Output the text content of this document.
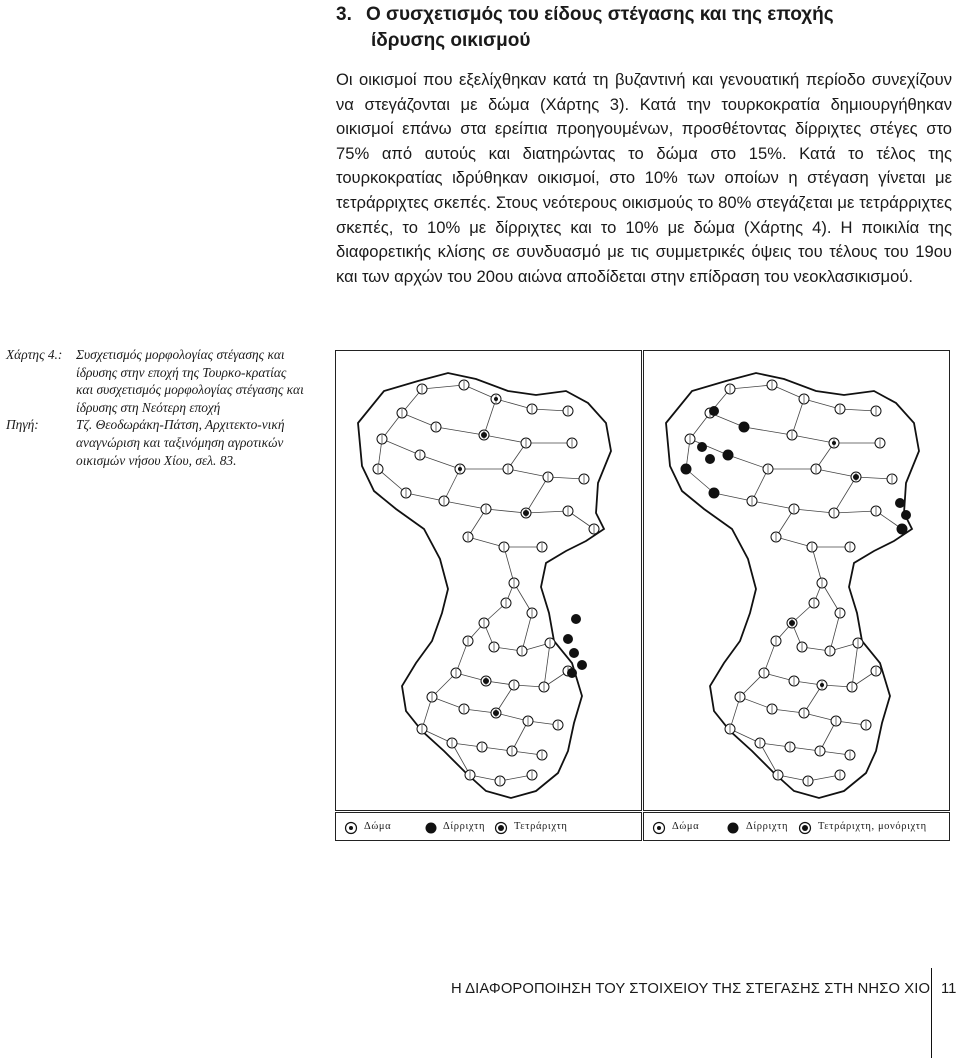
3. Ο συσχετισμός του είδους στέγασης και της εποχής
ίδρυσης οικισμού

Οι οικισμοί που εξελίχθηκαν κατά τη βυζαντινή και γενουατική περίοδο συνεχίζουν να στεγάζονται με δώμα (Χάρτης 3). Κατά την τουρκοκρατία δημιουργήθηκαν οικισμοί επάνω στα ερείπια προηγουμένων, προσθέτοντας δίρριχτες στέγες στο 75% από αυτούς και διατηρώντας το δώμα στο 15%. Κατά το τέλος της τουρκοκρατίας ιδρύθηκαν οικισμοί, στο 10% των οποίων η στέγαση γίνεται με τετράρριχτες σκεπές. Στους νεότερους οικισμούς το 80% στεγάζεται με τετράρριχτες σκεπές, το 10% με δίρριχτες και το 10% με δώμα (Χάρτης 4). Η ποικιλία της διαφορετικής κλίσης σε συνδυασμό με τις συμμετρικές όψεις του τέλους του 19ου και των αρχών του 20ου αιώνα αποδίδεται στην επίδραση του νεοκλασικισμού.

Χάρτης 4.:	Συσχετισμός μορφολογίας στέγασης και ίδρυσης στην εποχή της Τουρκο-κρατίας και συσχετισμός μορφολογίας στέγασης και ίδρυσης στη Νεότερη εποχή
Πηγή:	Τζ. Θεοδωράκη-Πάτση, Αρχιτεκτο-νική αναγνώριση και ταξινόμηση αγροτικών οικισμών νήσου Χίου, σελ. 83.
Δώμα	Δίρριχτη	Τετράριχτη	Δώμα	Δίρριχτη	Τετράριχτη, μονόριχτη
Η ΔΙΑΦΟΡΟΠΟΙΗΣΗ ΤΟΥ ΣΤΟΙΧΕΙΟΥ ΤΗΣ ΣΤΕΓΑΣΗΣ ΣΤΗ ΝΗΣΟ ΧΙΟ 11
